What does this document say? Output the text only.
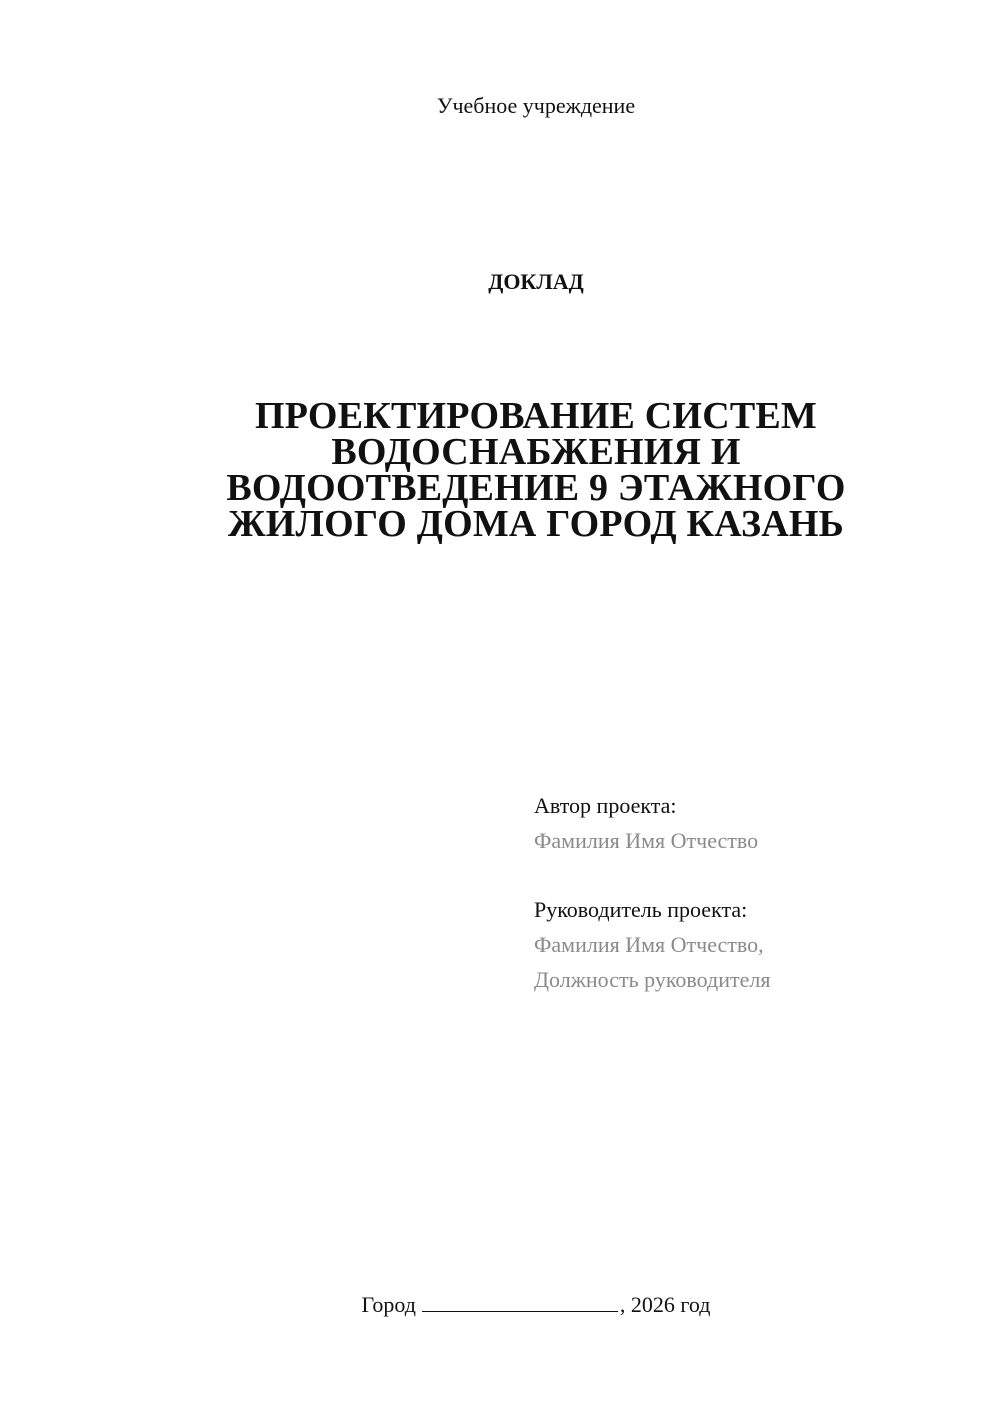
Учебное учреждение
ДОКЛАД
ПРОЕКТИРОВАНИЕ СИСТЕМ
ВОДОСНАБЖЕНИЯ И
ВОДООТВЕДЕНИЕ 9 ЭТАЖНОГО
ЖИЛОГО ДОМА ГОРОД КАЗАНЬ
Автор проекта:
Фамилия Имя Отчество
Руководитель проекта:
Фамилия Имя Отчество,
Должность руководителя
Город	, 2026 год
